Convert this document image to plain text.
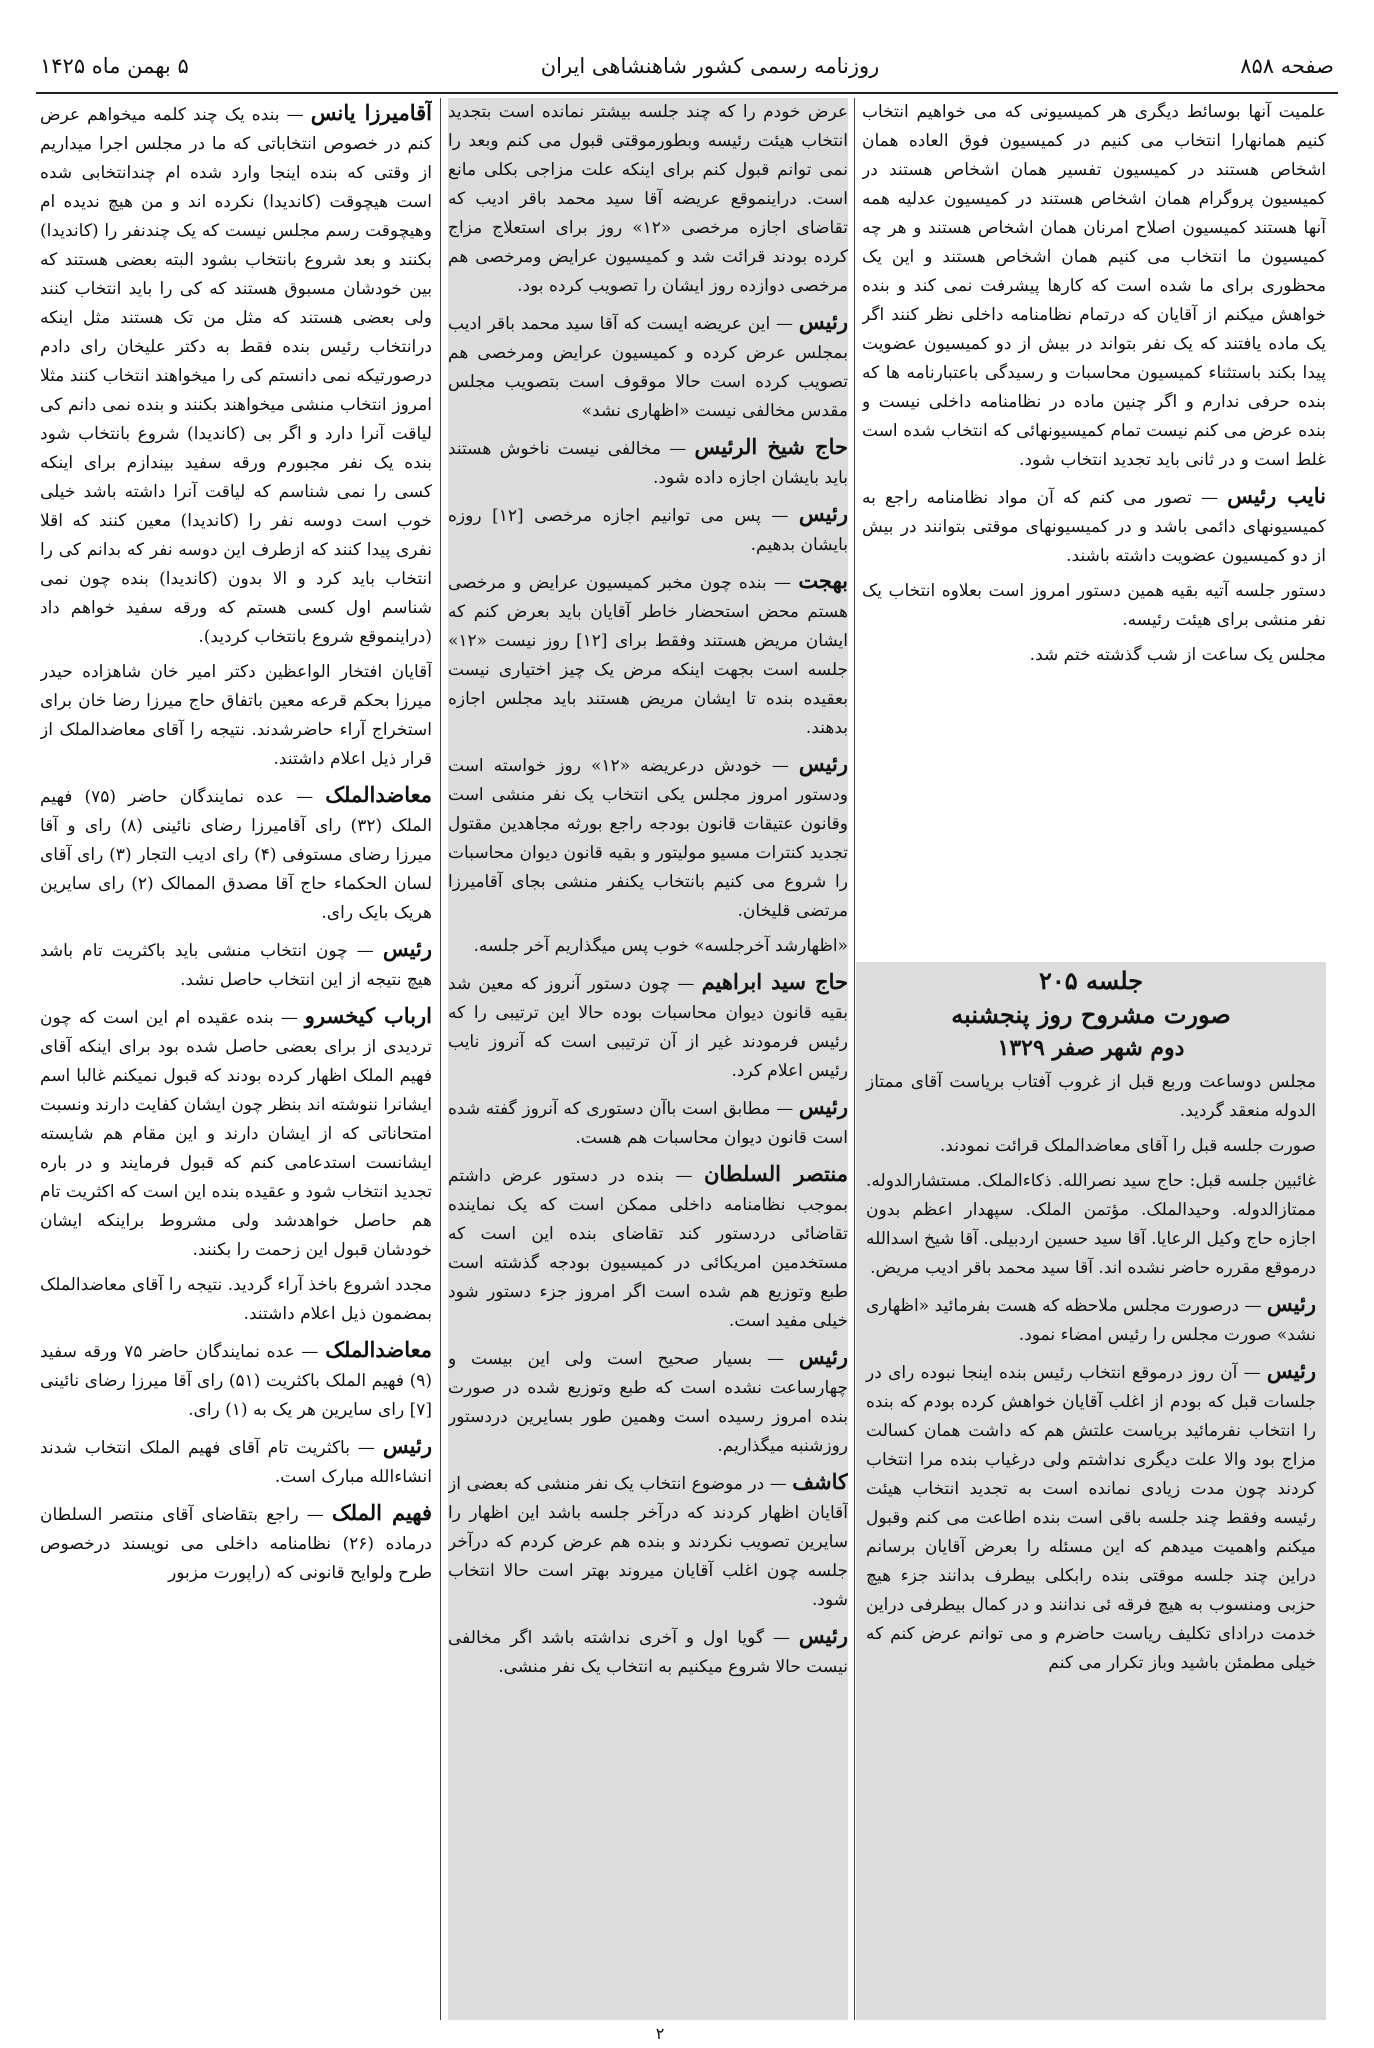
۵ بهمن ماه ۱۴۲۵	روزنامه رسمی کشور شاهنشاهی ایران	صفحه ۸۵۸

علمیت آنها بوسائط دیگری هر کمیسیونی که می خواهیم انتخاب کنیم همانهارا انتخاب می کنیم در کمیسیون فوق العاده همان اشخاص هستند در کمیسیون تفسیر همان اشخاص هستند در کمیسیون پروگرام همان اشخاص هستند در کمیسیون عدلیه همه آنها هستند کمیسیون اصلاح امرنان همان اشخاص هستند و هر چه کمیسیون ما انتخاب می کنیم همان اشخاص هستند و این یک محظوری برای ما شده است که کارها پیشرفت نمی کند و بنده خواهش میکنم از آقایان که درتمام نظامنامه داخلی نظر کنند اگر یک ماده یافتند که یک نفر بتواند در بیش از دو کمیسیون عضویت پیدا بکند باستثناء کمیسیون محاسبات و رسیدگی باعتبارنامه ها که بنده حرفی ندارم و اگر چنین ماده در نظامنامه داخلی نیست و بنده عرض می کنم نیست تمام کمیسیونهائی که انتخاب شده است غلط است و در ثانی باید تجدید انتخاب شود.

نایب رئیس — تصور می کنم که آن مواد نظامنامه راجع به کمیسیونهای دائمی باشد و در کمیسیونهای موقتی بتوانند در بیش از دو کمیسیون عضویت داشته باشند.

دستور جلسه آتیه بقیه همین دستور امروز است بعلاوه انتخاب یک نفر منشی برای هیئت رئیسه.

مجلس یک ساعت از شب گذشته ختم شد.

جلسه ۲۰۵
صورت مشروح روز پنجشنبه
دوم شهر صفر ۱۳۲۹

مجلس دوساعت وربع قبل از غروب آفتاب بریاست آقای ممتاز الدوله منعقد گردید.

صورت جلسه قبل را آقای معاضدالملک قرائت نمودند.

غائبین جلسه قبل: حاج سید نصرالله. ذکاءالملک. مستشارالدوله. ممتازالدوله. وحیدالملک. مؤتمن الملک. سپهدار اعظم بدون اجازه حاج وکیل الرعایا. آقا سید حسین اردبیلی. آقا شیخ اسدالله درموقع مقرره حاضر نشده اند. آقا سید محمد باقر ادیب مریض.

رئیس — درصورت مجلس ملاحظه که هست بفرمائید «اظهاری نشد» صورت مجلس را رئیس امضاء نمود.

رئیس — آن روز درموقع انتخاب رئیس بنده اینجا نبوده رای در جلسات قبل که بودم از اغلب آقایان خواهش کرده بودم که بنده را انتخاب نفرمائید بریاست علتش هم که داشت همان کسالت مزاج بود والا علت دیگری نداشتم ولی درغیاب بنده مرا انتخاب کردند چون مدت زیادی نمانده است به تجدید انتخاب هیئت رئیسه وفقط چند جلسه باقی است بنده اطاعت می کنم وقبول میکنم واهمیت میدهم که این مسئله را بعرض آقایان برسانم دراین چند جلسه موقتی بنده رابکلی بیطرف بدانند جزء هیچ حزبی ومنسوب به هیچ فرقه ئی ندانند و در کمال بیطرفی دراین خدمت درادای تکلیف ریاست حاضرم و می توانم عرض کنم که خیلی مطمئن باشید وباز تکرار می کنم

عرض خودم را که چند جلسه بیشتر نمانده است بتجدید انتخاب هیئت رئیسه وبطورموقتی قبول می کنم وبعد را نمی توانم قبول کنم برای اینکه علت مزاجی بکلی مانع است. دراینموقع عریضه آقا سید محمد باقر ادیب که تقاضای اجازه مرخصی «۱۲» روز برای استعلاج مزاج کرده بودند قرائت شد و کمیسیون عرایض ومرخصی هم مرخصی دوازده روز ایشان را تصویب کرده بود.

رئیس — این عریضه ایست که آقا سید محمد باقر ادیب بمجلس عرض کرده و کمیسیون عرایض ومرخصی هم تصویب کرده است حالا موقوف است بتصویب مجلس مقدس مخالفی نیست «اظهاری نشد»

حاج شیخ الرئیس — مخالفی نیست ناخوش هستند باید بایشان اجازه داده شود.

رئیس — پس می توانیم اجازه مرخصی [۱۲] روزه بایشان بدهیم.

بهجت — بنده چون مخبر کمیسیون عرایض و مرخصی هستم محض استحضار خاطر آقایان باید بعرض کنم که ایشان مریض هستند وفقط برای [۱۲] روز نیست «۱۲» جلسه است بجهت اینکه مرض یک چیز اختیاری نیست بعقیده بنده تا ایشان مریض هستند باید مجلس اجازه بدهند.

رئیس — خودش درعریضه «۱۲» روز خواسته است ودستور امروز مجلس یکی انتخاب یک نفر منشی است وقانون عتیقات قانون بودجه راجع بورثه مجاهدین مقتول تجدید کنترات مسیو مولیتور و بقیه قانون دیوان محاسبات را شروع می کنیم بانتخاب یکنفر منشی بجای آقامیرزا مرتضی قلیخان.

«اظهارشد آخرجلسه» خوب پس میگذاریم آخر جلسه.

حاج سید ابراهیم — چون دستور آنروز که معین شد بقیه قانون دیوان محاسبات بوده حالا این ترتیبی را که رئیس فرمودند غیر از آن ترتیبی است که آنروز نایب رئیس اعلام کرد.

رئیس — مطابق است باآن دستوری که آنروز گفته شده است قانون دیوان محاسبات هم هست.

منتصر السلطان — بنده در دستور عرض داشتم بموجب نظامنامه داخلی ممکن است که یک نماینده تقاضائی دردستور کند تقاضای بنده این است که مستخدمین امریکائی در کمیسیون بودجه گذشته است طبع وتوزیع هم شده است اگر امروز جزء دستور شود خیلی مفید است.

رئیس — بسیار صحیح است ولی این بیست و چهارساعت نشده است که طبع وتوزیع شده در صورت بنده امروز رسیده است وهمین طور بسایرین دردستور روزشنبه میگذاریم.

کاشف — در موضوع انتخاب یک نفر منشی که بعضی از آقایان اظهار کردند که درآخر جلسه باشد این اظهار را سایرین تصویب نکردند و بنده هم عرض کردم که درآخر جلسه چون اغلب آقایان میروند بهتر است حالا انتخاب شود.

رئیس — گویا اول و آخری نداشته باشد اگر مخالفی نیست حالا شروع میکنیم به انتخاب یک نفر منشی.

آقامیرزا یانس — بنده یک چند کلمه میخواهم عرض کنم در خصوص انتخاباتی که ما در مجلس اجرا میداریم از وقتی که بنده اینجا وارد شده ام چندانتخابی شده است هیچوقت (کاندیدا) نکرده اند و من هیچ ندیده ام وهیچوقت رسم مجلس نیست که یک چندنفر را (کاندیدا) بکنند و بعد شروع بانتخاب بشود البته بعضی هستند که بین خودشان مسبوق هستند که کی را باید انتخاب کنند ولی بعضی هستند که مثل من تک هستند مثل اینکه درانتخاب رئیس بنده فقط به دکتر علیخان رای دادم درصورتیکه نمی دانستم کی را میخواهند انتخاب کنند مثلا امروز انتخاب منشی میخواهند بکنند و بنده نمی دانم کی لیاقت آنرا دارد و اگر بی (کاندیدا) شروع بانتخاب شود بنده یک نفر مجبورم ورقه سفید بیندازم برای اینکه کسی را نمی شناسم که لیاقت آنرا داشته باشد خیلی خوب است دوسه نفر را (کاندیدا) معین کنند که اقلا نفری پیدا کنند که ازطرف این دوسه نفر که بدانم کی را انتخاب باید کرد و الا بدون (کاندیدا) بنده چون نمی شناسم اول کسی هستم که ورقه سفید خواهم داد (دراینموقع شروع بانتخاب کردید).

آقایان افتخار الواعظین دکتر امیر خان شاهزاده حیدر میرزا بحکم قرعه معین باتفاق حاج میرزا رضا خان برای استخراج آراء حاضرشدند. نتیجه را آقای معاضدالملک از قرار ذیل اعلام داشتند.

معاضدالملک — عده نمایندگان حاضر (۷۵) فهیم الملک (۳۲) رای آقامیرزا رضای نائینی (۸) رای و آقا میرزا رضای مستوفی (۴) رای ادیب التجار (۳) رای آقای لسان الحکماء حاج آقا مصدق الممالک (۲) رای سایرین هریک بایک رای.

رئیس — چون انتخاب منشی باید باکثریت تام باشد هیچ نتیجه از این انتخاب حاصل نشد.

ارباب کیخسرو — بنده عقیده ام این است که چون تردیدی از برای بعضی حاصل شده بود برای اینکه آقای فهیم الملک اظهار کرده بودند که قبول نمیکنم غالبا اسم ایشانرا ننوشته اند بنظر چون ایشان کفایت دارند ونسبت امتحاناتی که از ایشان دارند و این مقام هم شایسته ایشانست استدعامی کنم که قبول فرمایند و در باره تجدید انتخاب شود و عقیده بنده این است که اکثریت تام هم حاصل خواهدشد ولی مشروط براینکه ایشان خودشان قبول این زحمت را بکنند.

مجدد اشروع باخذ آراء گردید. نتیجه را آقای معاضدالملک بمضمون ذیل اعلام داشتند.

معاضدالملک — عده نمایندگان حاضر ۷۵ ورقه سفید (۹) فهیم الملک باکثریت (۵۱) رای آقا میرزا رضای نائینی [۷] رای سایرین هر یک به (۱) رای.

رئیس — باکثریت تام آقای فهیم الملک انتخاب شدند انشاءالله مبارک است.

فهیم الملک — راجع بتقاضای آقای منتصر السلطان درماده (۲۶) نظامنامه داخلی می نویسند درخصوص طرح ولوایح قانونی که (راپورت مزبور

۲
